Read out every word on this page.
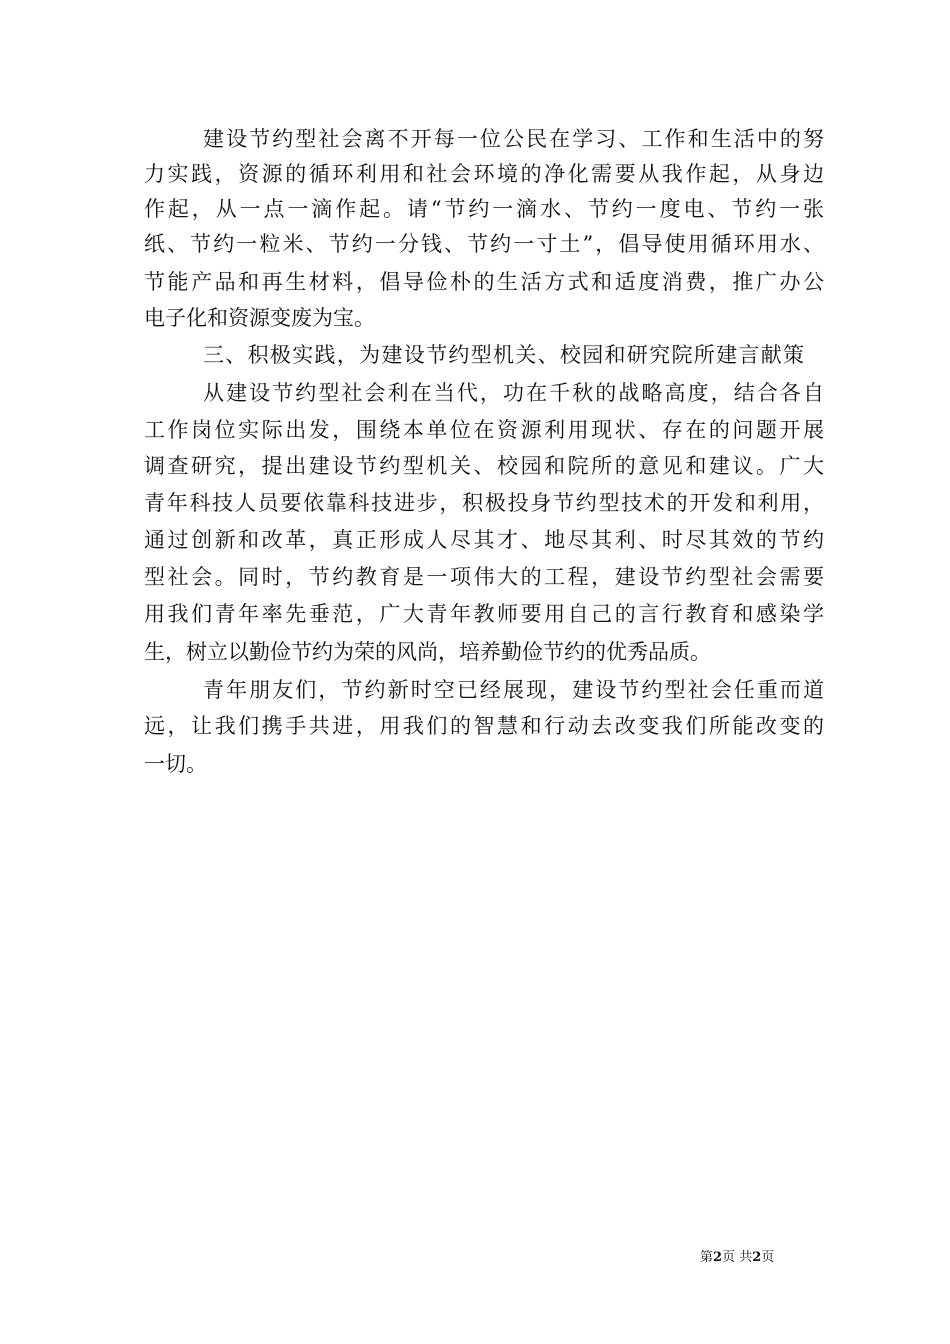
建设节约型社会离不开每一位公民在学习、工作和生活中的努
力实践，资源的循环利用和社会环境的净化需要从我作起，从身边
作起，从一点一滴作起。请“节约一滴水、节约一度电、节约一张
纸、节约一粒米、节约一分钱、节约一寸土”，倡导使用循环用水、
节能产品和再生材料，倡导俭朴的生活方式和适度消费，推广办公
电子化和资源变废为宝。
三、积极实践，为建设节约型机关、校园和研究院所建言献策
从建设节约型社会利在当代，功在千秋的战略高度，结合各自
工作岗位实际出发，围绕本单位在资源利用现状、存在的问题开展
调查研究，提出建设节约型机关、校园和院所的意见和建议。广大
青年科技人员要依靠科技进步，积极投身节约型技术的开发和利用，
通过创新和改革，真正形成人尽其才、地尽其利、时尽其效的节约
型社会。同时，节约教育是一项伟大的工程，建设节约型社会需要
用我们青年率先垂范，广大青年教师要用自己的言行教育和感染学
生，树立以勤俭节约为荣的风尚，培养勤俭节约的优秀品质。
青年朋友们，节约新时空已经展现，建设节约型社会任重而道
远，让我们携手共进，用我们的智慧和行动去改变我们所能改变的
一切。
第2页 共2页
